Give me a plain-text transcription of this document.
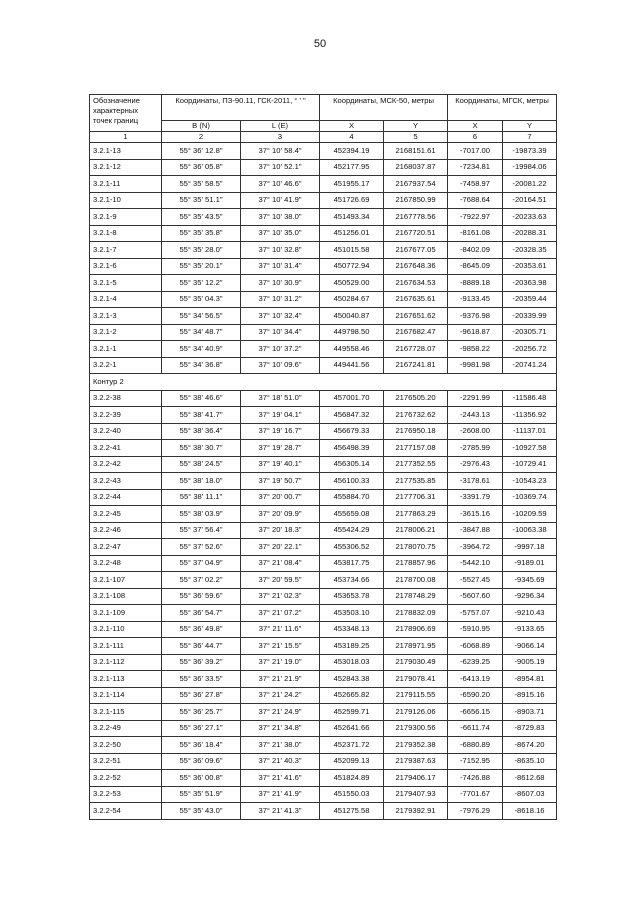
50
Обозначение характерных точек границ	Координаты, ПЗ-90.11, ГСК-2011, ° ' "		Координаты, МСК-50, метры		Координаты, МГСК, метры	
	B (N)	L (E)	X	Y	X	Y
1	2	3	4	5	6	7
3.2.1-13	55° 36' 12.8"	37° 10' 58.4"	452394.19	2168151.61	-7017.00	-19873.39
3.2.1-12	55° 36' 05.8"	37° 10' 52.1"	452177.95	2168037.87	-7234.81	-19984.06
3.2.1-11	55° 35' 58.5"	37° 10' 46.6"	451955.17	2167937.54	-7458.97	-20081.22
3.2.1-10	55° 35' 51.1"	37° 10' 41.9"	451726.69	2167850.99	-7688.64	-20164.51
3.2.1-9	55° 35' 43.5"	37° 10' 38.0"	451493.34	2167778.56	-7922.97	-20233.63
3.2.1-8	55° 35' 35.8"	37° 10' 35.0"	451256.01	2167720.51	-8161.08	-20288.31
3.2.1-7	55° 35' 28.0"	37° 10' 32.8"	451015.58	2167677.05	-8402.09	-20328.35
3.2.1-6	55° 35' 20.1"	37° 10' 31.4"	450772.94	2167648.36	-8645.09	-20353.61
3.2.1-5	55° 35' 12.2"	37° 10' 30.9"	450529.00	2167634.53	-8889.18	-20363.98
3.2.1-4	55° 35' 04.3"	37° 10' 31.2"	450284.67	2167635.61	-9133.45	-20359.44
3.2.1-3	55° 34' 56.5"	37° 10' 32.4"	450040.87	2167651.62	-9376.98	-20339.99
3.2.1-2	55° 34' 48.7"	37° 10' 34.4"	449798.50	2167682.47	-9618.87	-20305.71
3.2.1-1	55° 34' 40.9"	37° 10' 37.2"	449558.46	2167728.07	-9858.22	-20256.72
3.2.2-1	55° 34' 36.8"	37° 10' 09.6"	449441.56	2167241.81	-9981.98	-20741.24
Контур 2						
3.2.2-38	55° 38' 46.6"	37° 18' 51.0"	457001.70	2176505.20	-2291.99	-11586.48
3.2.2-39	55° 38' 41.7"	37° 19' 04.1"	456847.32	2176732.62	-2443.13	-11356.92
3.2.2-40	55° 38' 36.4"	37° 19' 16.7"	456679.33	2176950.18	-2608.00	-11137.01
3.2.2-41	55° 38' 30.7"	37° 19' 28.7"	456498.39	2177157.08	-2785.99	-10927.58
3.2.2-42	55° 38' 24.5"	37° 19' 40.1"	456305.14	2177352.55	-2976.43	-10729.41
3.2.2-43	55° 38' 18.0"	37° 19' 50.7"	456100.33	2177535.85	-3178.61	-10543.23
3.2.2-44	55° 38' 11.1"	37° 20' 00.7"	455884.70	2177706.31	-3391.79	-10369.74
3.2.2-45	55° 38' 03.9"	37° 20' 09.9"	455659.08	2177863.29	-3615.16	-10209.59
3.2.2-46	55° 37' 56.4"	37° 20' 18.3"	455424.29	2178006.21	-3847.88	-10063.38
3.2.2-47	55° 37' 52.6"	37° 20' 22.1"	455306.52	2178070.75	-3964.72	-9997.18
3.2.2-48	55° 37' 04.9"	37° 21' 08.4"	453817.75	2178857.96	-5442.10	-9189.01
3.2.1-107	55° 37' 02.2"	37° 20' 59.5"	453734.66	2178700.08	-5527.45	-9345.69
3.2.1-108	55° 36' 59.6"	37° 21' 02.3"	453653.78	2178748.29	-5607.60	-9296.34
3.2.1-109	55° 36' 54.7"	37° 21' 07.2"	453503.10	2178832.09	-5757.07	-9210.43
3.2.1-110	55° 36' 49.8"	37° 21' 11.6"	453348.13	2178906.69	-5910.95	-9133.65
3.2.1-111	55° 36' 44.7"	37° 21' 15.5"	453189.25	2178971.95	-6068.89	-9066.14
3.2.1-112	55° 36' 39.2"	37° 21' 19.0"	453018.03	2179030.49	-6239.25	-9005.19
3.2.1-113	55° 36' 33.5"	37° 21' 21.9"	452843.38	2179078.41	-6413.19	-8954.81
3.2.1-114	55° 36' 27.8"	37° 21' 24.2"	452665.82	2179115.55	-6590.20	-8915.16
3.2.1-115	55° 36' 25.7"	37° 21' 24.9"	452599.71	2179126.06	-6656.15	-8903.71
3.2.2-49	55° 36' 27.1"	37° 21' 34.8"	452641.66	2179300.56	-6611.74	-8729.83
3.2.2-50	55° 36' 18.4"	37° 21' 38.0"	452371.72	2179352.38	-6880.89	-8674.20
3.2.2-51	55° 36' 09.6"	37° 21' 40.3"	452099.13	2179387.63	-7152.95	-8635.10
3.2.2-52	55° 36' 00.8"	37° 21' 41.6"	451824.89	2179406.17	-7426.88	-8612.68
3.2.2-53	55° 35' 51.9"	37° 21' 41.9"	451550.03	2179407.93	-7701.67	-8607.03
3.2.2-54	55° 35' 43.0"	37° 21' 41.3"	451275.58	2179392.91	-7976.29	-8618.16
